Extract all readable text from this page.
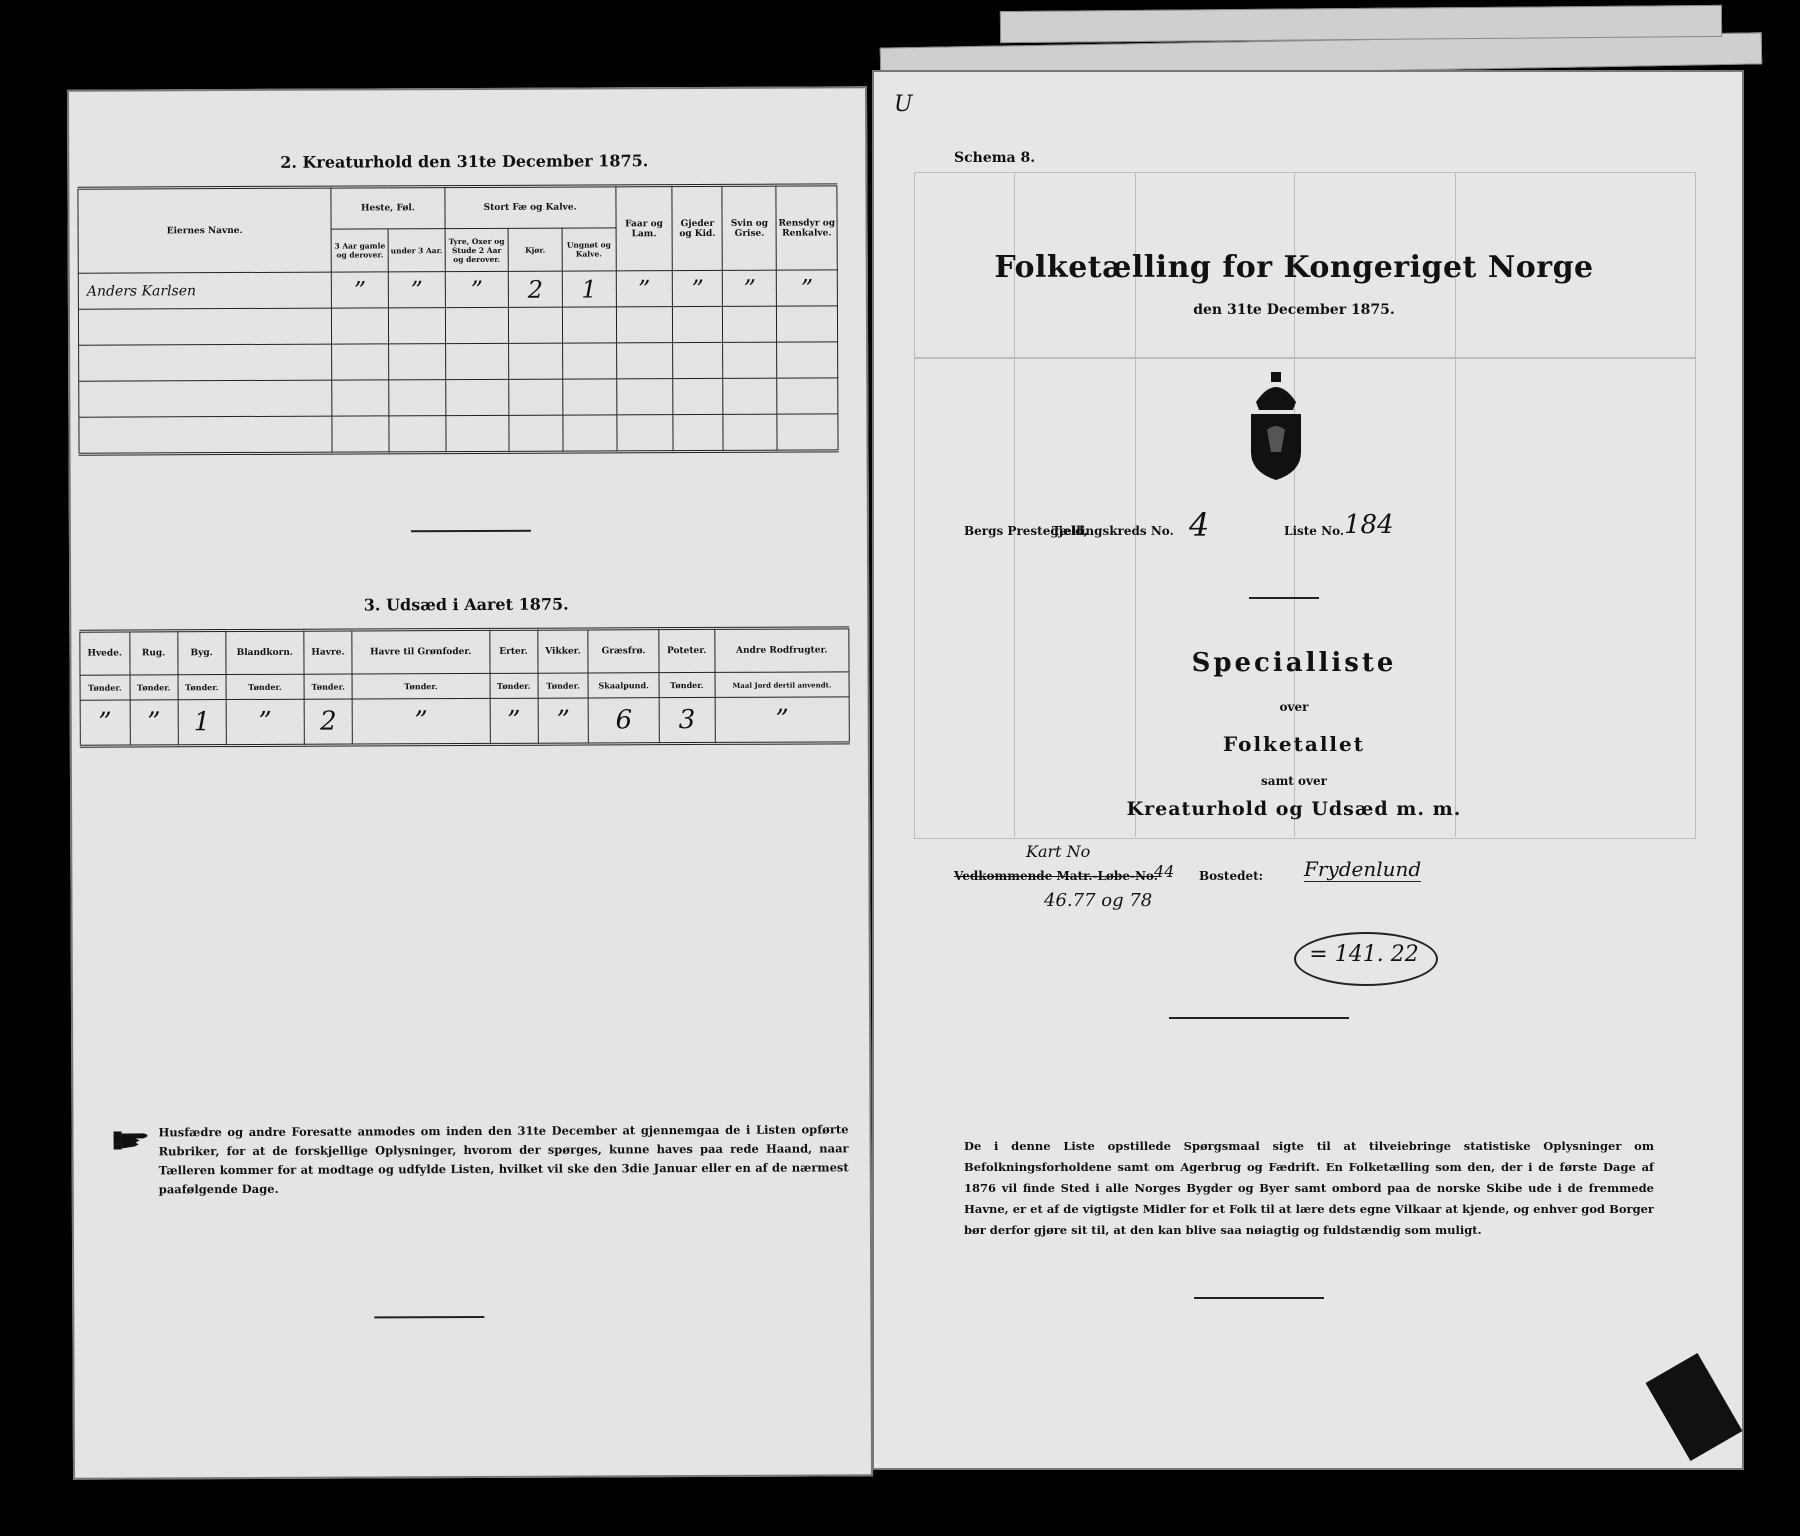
2. Kreaturhold den 31te December 1875.
Eiernes Navne.	Heste, Føl.		Stort Fæ og Kalve.			Faar og Lam.	Gjeder og Kid.	Svin og Grise.	Rensdyr og Renkalve.
	3 Aar gamle og derover.	under 3 Aar.	Tyre, Oxer og Stude 2 Aar og derover.	Kjør.	Ungnøt og Kalve.				
Anders Karlsen	”	”	”	2	1	”	”	”	”

3. Udsæd i Aaret 1875.
Hvede.	Rug.	Byg.	Blandkorn.	Havre.	Havre til Grønfoder.	Erter.	Vikker.	Græsfrø.	Poteter.	Andre Rodfrugter.
Tønder.	Tønder.	Tønder.	Tønder.	Tønder.	Tønder.	Tønder.	Tønder.	Skaalpund.	Tønder.	Maal Jord dertil anvendt.
”	”	1	”	2	”	”	”	6	3	”
Husfædre og andre Foresatte anmodes om inden den 31te December at gjennemgaa de i Listen opførte Rubriker, for at de forskjellige Oplysninger, hvorom der spørges, kunne haves paa rede Haand, naar Tælleren kommer for at modtage og udfylde Listen, hvilket vil ske den 3die Januar eller en af de nærmest paafølgende Dage.
U
Schema 8.
Folketælling for Kongeriget Norge
den 31te December 1875.
Bergs Prestegjeld,
Tællingskreds No. 4	Liste No. 184
Specialliste
over
Folketallet
samt over
Kreaturhold og Udsæd m. m.
Kart No
Vedkommende Matr.-Løbe-No.
44
46.77 og 78
Bostedet: Frydenlund
= 141. 22
De i denne Liste opstillede Spørgsmaal sigte til at tilveiebringe statistiske Oplysninger om Befolkningsforholdene samt om Agerbrug og Fædrift. En Folketælling som den, der i de første Dage af 1876 vil finde Sted i alle Norges Bygder og Byer samt ombord paa de norske Skibe ude i de fremmede Havne, er et af de vigtigste Midler for et Folk til at lære dets egne Vilkaar at kjende, og enhver god Borger bør derfor gjøre sit til, at den kan blive saa nøiagtig og fuldstændig som muligt.
